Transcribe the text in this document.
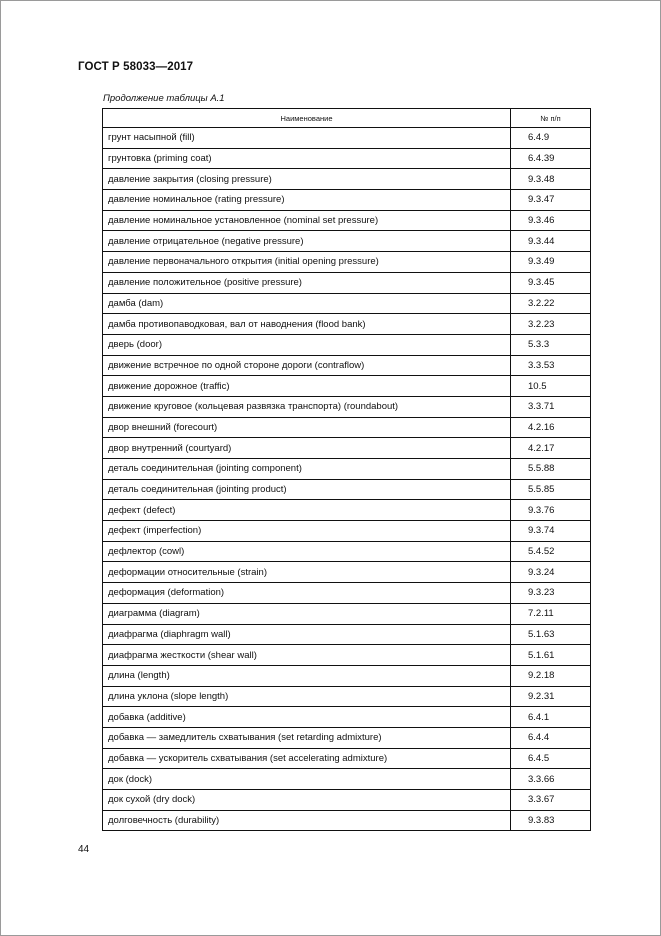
ГОСТ Р 58033—2017
Продолжение таблицы А.1
Наименование	№ п/п
грунт насыпной (fill)	6.4.9
грунтовка (priming coat)	6.4.39
давление закрытия (closing pressure)	9.3.48
давление номинальное (rating pressure)	9.3.47
давление номинальное установленное (nominal set pressure)	9.3.46
давление отрицательное (negative pressure)	9.3.44
давление первоначального открытия (initial opening pressure)	9.3.49
давление положительное (positive pressure)	9.3.45
дамба (dam)	3.2.22
дамба противопаводковая, вал от наводнения (flood bank)	3.2.23
дверь (door)	5.3.3
движение встречное по одной стороне дороги (contraflow)	3.3.53
движение дорожное (traffic)	10.5
движение круговое (кольцевая развязка транспорта) (roundabout)	3.3.71
двор внешний (forecourt)	4.2.16
двор внутренний (courtyard)	4.2.17
деталь соединительная (jointing component)	5.5.88
деталь соединительная (jointing product)	5.5.85
дефект (defect)	9.3.76
дефект (imperfection)	9.3.74
дефлектор (cowl)	5.4.52
деформации относительные (strain)	9.3.24
деформация (deformation)	9.3.23
диаграмма (diagram)	7.2.11
диафрагма (diaphragm wall)	5.1.63
диафрагма жесткости (shear wall)	5.1.61
длина (length)	9.2.18
длина уклона (slope length)	9.2.31
добавка (additive)	6.4.1
добавка — замедлитель схватывания (set retarding admixture)	6.4.4
добавка — ускоритель схватывания (set accelerating admixture)	6.4.5
док (dock)	3.3.66
док сухой (dry dock)	3.3.67
долговечность (durability)	9.3.83
44
